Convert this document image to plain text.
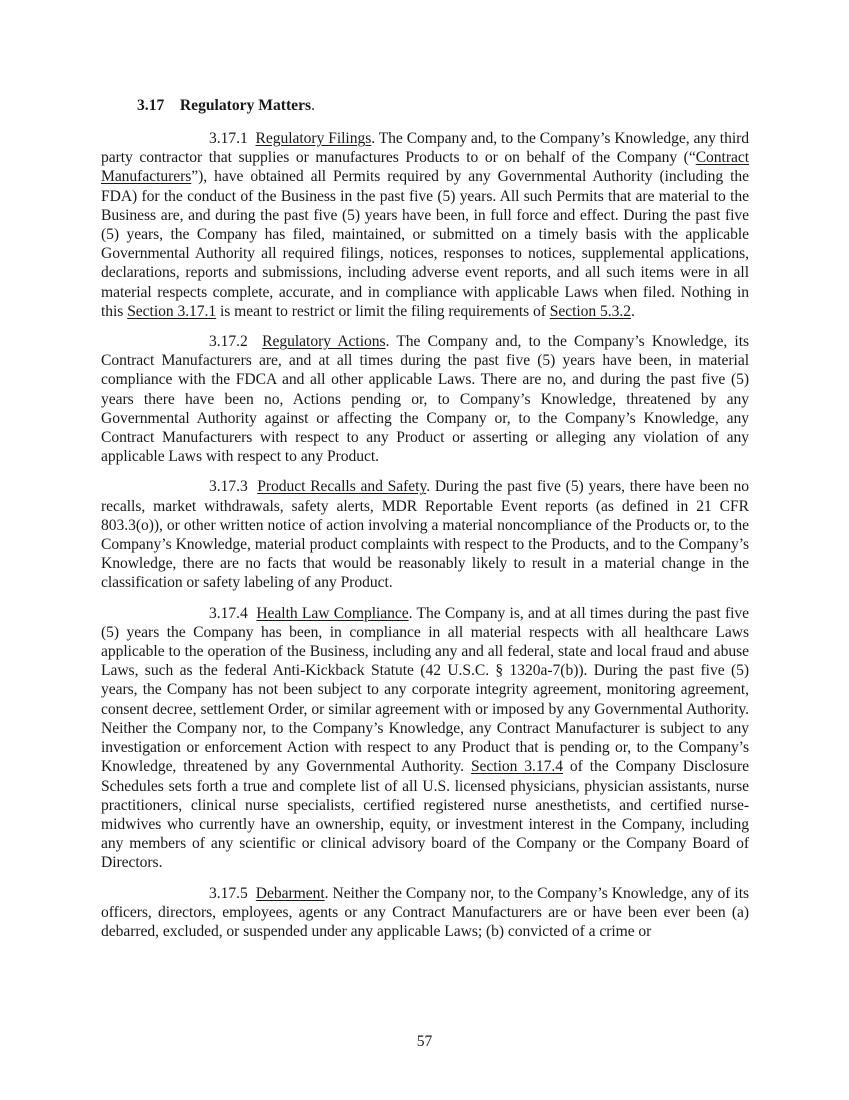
3.17 Regulatory Matters.

3.17.1 Regulatory Filings. The Company and, to the Company’s Knowledge, any third party contractor that supplies or manufactures Products to or on behalf of the Company (“Contract Manufacturers”), have obtained all Permits required by any Governmental Authority (including the FDA) for the conduct of the Business in the past five (5) years. All such Permits that are material to the Business are, and during the past five (5) years have been, in full force and effect. During the past five (5) years, the Company has filed, maintained, or submitted on a timely basis with the applicable Governmental Authority all required filings, notices, responses to notices, supplemental applications, declarations, reports and submissions, including adverse event reports, and all such items were in all material respects complete, accurate, and in compliance with applicable Laws when filed. Nothing in this Section 3.17.1 is meant to restrict or limit the filing requirements of Section 5.3.2.

3.17.2 Regulatory Actions. The Company and, to the Company’s Knowledge, its Contract Manufacturers are, and at all times during the past five (5) years have been, in material compliance with the FDCA and all other applicable Laws. There are no, and during the past five (5) years there have been no, Actions pending or, to Company’s Knowledge, threatened by any Governmental Authority against or affecting the Company or, to the Company’s Knowledge, any Contract Manufacturers with respect to any Product or asserting or alleging any violation of any applicable Laws with respect to any Product.

3.17.3 Product Recalls and Safety. During the past five (5) years, there have been no recalls, market withdrawals, safety alerts, MDR Reportable Event reports (as defined in 21 CFR 803.3(o)), or other written notice of action involving a material noncompliance of the Products or, to the Company’s Knowledge, material product complaints with respect to the Products, and to the Company’s Knowledge, there are no facts that would be reasonably likely to result in a material change in the classification or safety labeling of any Product.

3.17.4 Health Law Compliance. The Company is, and at all times during the past five (5) years the Company has been, in compliance in all material respects with all healthcare Laws applicable to the operation of the Business, including any and all federal, state and local fraud and abuse Laws, such as the federal Anti-Kickback Statute (42 U.S.C. § 1320a-7(b)). During the past five (5) years, the Company has not been subject to any corporate integrity agreement, monitoring agreement, consent decree, settlement Order, or similar agreement with or imposed by any Governmental Authority. Neither the Company nor, to the Company’s Knowledge, any Contract Manufacturer is subject to any investigation or enforcement Action with respect to any Product that is pending or, to the Company’s Knowledge, threatened by any Governmental Authority. Section 3.17.4 of the Company Disclosure Schedules sets forth a true and complete list of all U.S. licensed physicians, physician assistants, nurse practitioners, clinical nurse specialists, certified registered nurse anesthetists, and certified nurse-midwives who currently have an ownership, equity, or investment interest in the Company, including any members of any scientific or clinical advisory board of the Company or the Company Board of Directors.

3.17.5 Debarment. Neither the Company nor, to the Company’s Knowledge, any of its officers, directors, employees, agents or any Contract Manufacturers are or have been ever been (a) debarred, excluded, or suspended under any applicable Laws; (b) convicted of a crime or

57
